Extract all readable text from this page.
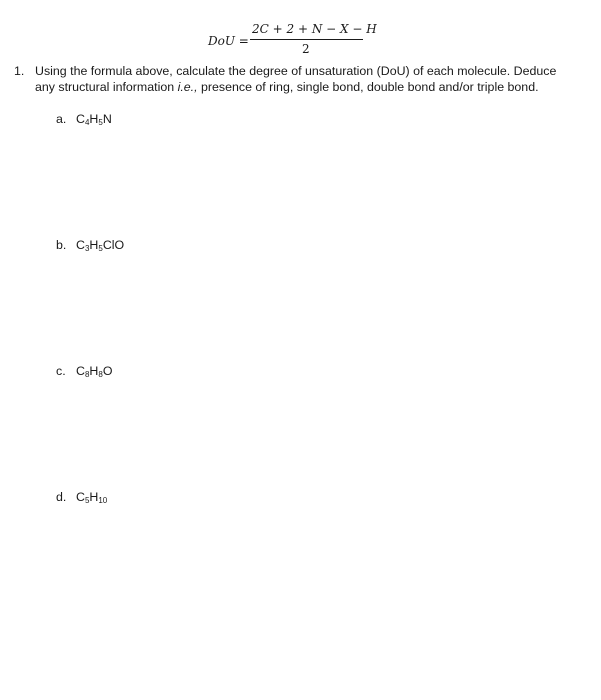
DoU =
2C + 2 + N − X − H
2
1. Using the formula above, calculate the degree of unsaturation (DoU) of each molecule. Deduce any structural information i.e., presence of ring, single bond, double bond and/or triple bond.
a. $C_4H_5N$
b. $C_3H_5ClO$
c. $C_8H_8O$
d. $C_5H_{10}$
